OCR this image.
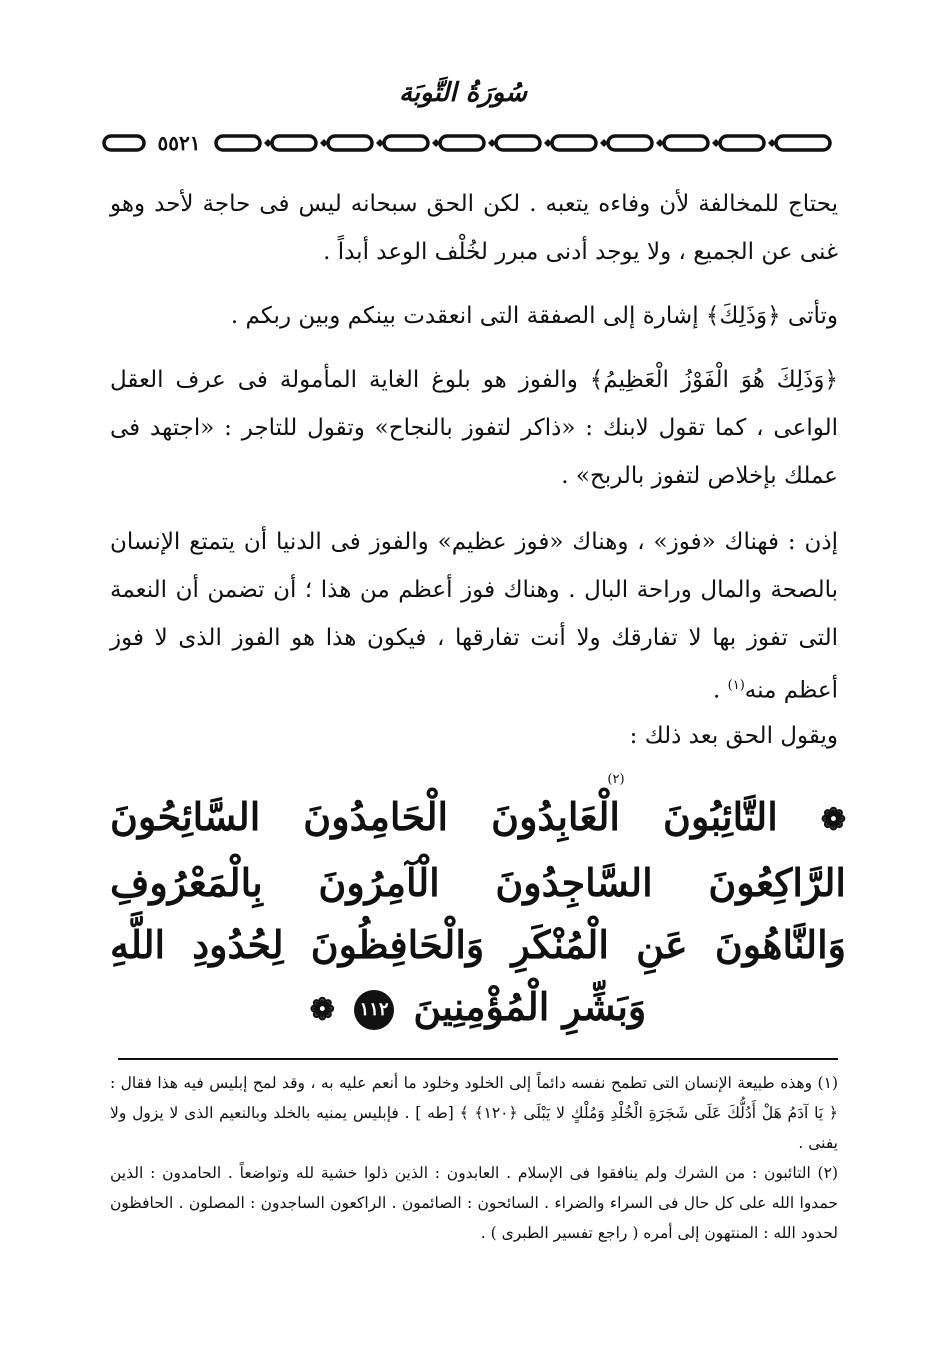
سُورَةُ التَّوبَة
٥٥٢١

يحتاج للمخالفة لأن وفاءه يتعبه . لكن الحق سبحانه ليس فى حاجة لأحد وهو غنى عن الجميع ، ولا يوجد أدنى مبرر لخُلْف الوعد أبداً .

وتأتى ﴿وَذَلِكَ﴾ إشارة إلى الصفقة التى انعقدت بينكم وبين ربكم .

﴿وَذَلِكَ هُوَ الْفَوْزُ الْعَظِيمُ﴾ والفوز هو بلوغ الغاية المأمولة فى عرف العقل الواعى ، كما تقول لابنك : «ذاكر لتفوز بالنجاح» وتقول للتاجر : «اجتهد فى عملك بإخلاص لتفوز بالربح» .

إذن : فهناك «فوز» ، وهناك «فوز عظيم» والفوز فى الدنيا أن يتمتع الإنسان بالصحة والمال وراحة البال . وهناك فوز أعظم من هذا ؛ أن تضمن أن النعمة التى تفوز بها لا تفارقك ولا أنت تفارقها ، فيكون هذا هو الفوز الذى لا فوز أعظم منه$^{(١)}$ .

ويقول الحق بعد ذلك :

(٢)
❁ التَّائِبُونَ الْعَابِدُونَ الْحَامِدُونَ السَّائِحُونَ الرَّاكِعُونَ السَّاجِدُونَ الْآمِرُونَ بِالْمَعْرُوفِ وَالنَّاهُونَ عَنِ الْمُنْكَرِ وَالْحَافِظُونَ لِحُدُودِ اللَّهِ وَبَشِّرِ الْمُؤْمِنِينَ ١١٢ ❁

(١) وهذه طبيعة الإنسان التى تطمح نفسه دائماً إلى الخلود وخلود ما أنعم عليه به ، وقد لمح إبليس فيه هذا فقال : ﴿ يَا آدَمُ هَلْ أَدُلُّكَ عَلَى شَجَرَةِ الْخُلْدِ وَمُلْكٍ لا يَبْلَى ﴿١٢٠﴾ ﴾ [طه ] . فإبليس يمنيه بالخلد وبالنعيم الذى لا يزول ولا يفنى .

(٢) التائبون : من الشرك ولم ينافقوا فى الإسلام . العابدون : الذين ذلوا خشية لله وتواضعاً . الحامدون : الذين حمدوا الله على كل حال فى السراء والضراء . السائحون : الصائمون . الراكعون الساجدون : المصلون . الحافظون لحدود الله : المنتهون إلى أمره ( راجع تفسير الطبرى ) .
